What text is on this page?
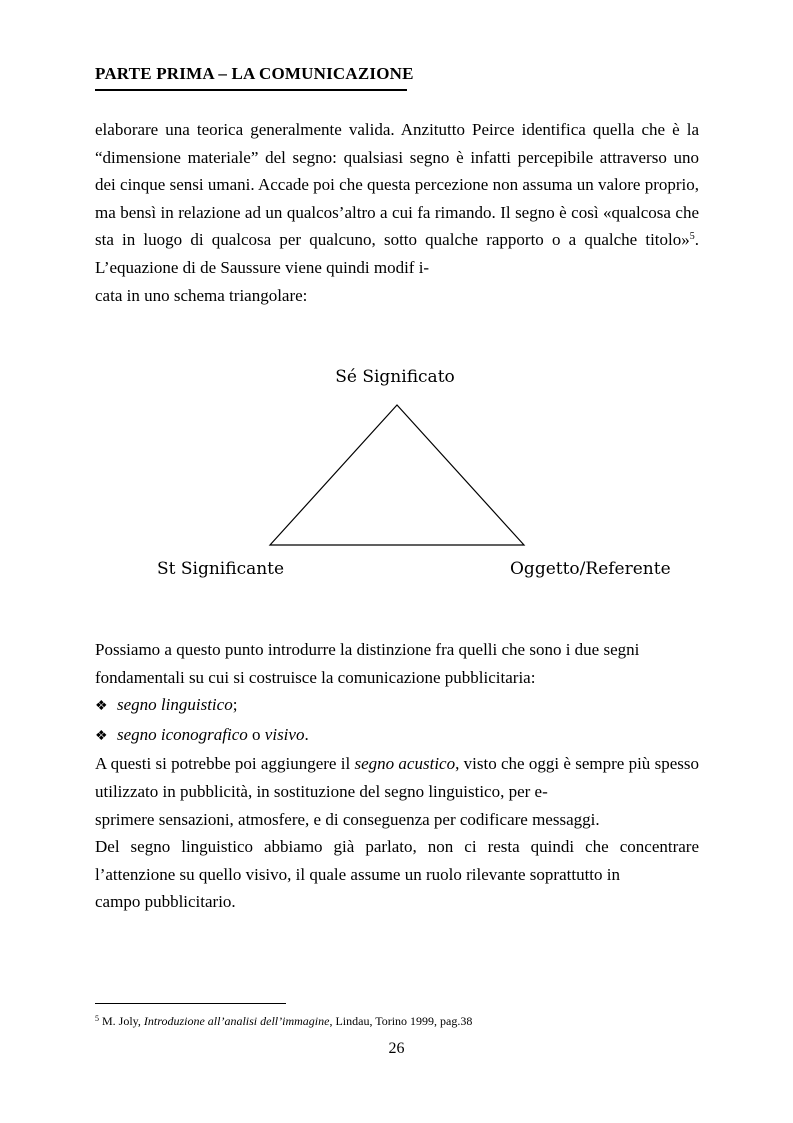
PARTE PRIMA – LA COMUNICAZIONE
elaborare una teorica generalmente valida. Anzitutto Peirce identifica quella che è la “dimensione materiale” del segno: qualsiasi segno è infatti percepibile attraverso uno dei cinque sensi umani. Accade poi che questa percezione non assuma un valore proprio, ma bensì in relazione ad un qualcos’altro a cui fa rimando. Il segno è così «qualcosa che sta in luogo di qualcosa per qualcuno, sotto qualche rapporto o a qualche titolo»$^5$. L’equazione di de Saussure viene quindi modif i-
cata in uno schema triangolare:
Sé Significato
St Significante	Oggetto/Referente
Possiamo a questo punto introdurre la distinzione fra quelli che sono i due segni
fondamentali su cui si costruisce la comunicazione pubblicitaria:
❖ segno linguistico;
❖ segno iconografico o visivo.
A questi si potrebbe poi aggiungere il segno acustico, visto che oggi è sempre più spesso utilizzato in pubblicità, in sostituzione del segno linguistico, per e-
sprimere sensazioni, atmosfere, e di conseguenza per codificare messaggi.
Del segno linguistico abbiamo già parlato, non ci resta quindi che concentrare l’attenzione su quello visivo, il quale assume un ruolo rilevante soprattutto in
campo pubblicitario.
$^5$ M. Joly, Introduzione all’analisi dell’immagine, Lindau, Torino 1999, pag.38
26
